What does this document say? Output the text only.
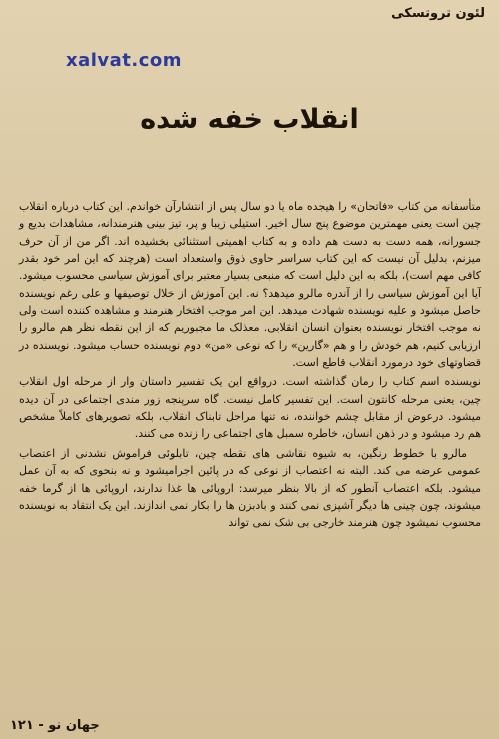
لئون تروتسکی
xalvat.com
انقلاب خفه شده

متأسفانه من کتاب «فاتحان» را هیجده ماه یا دو سال پس از انتشارآن خواندم. این کتاب درباره انقلاب چین است یعنی مهمترین موضوع پنج سال اخیر. استیلی زیبا و پر، تیز بینی هنرمندانه، مشاهدات بدیع و جسورانه، همه دست به دست هم داده و به کتاب اهمیتی استثنائی بخشیده اند. اگر من از آن حرف میزنم، بدلیل آن نیست که این کتاب سراسر حاوی ذوق واستعداد است (هرچند که این امر خود بقدر کافی مهم است)، بلکه به این دلیل است که منبعی بسیار معتبر برای آموزش سیاسی محسوب میشود. آیا این آموزش سیاسی را از آندره مالرو میدهد؟ نه. این آموزش از خلال توصیفها و علی رغم نویسنده حاصل میشود و علیه نویسنده شهادت میدهد. این امر موجب افتخار هنرمند و مشاهده کننده است ولی نه موجب افتخار نویسنده بعنوان انسان انقلابی. معذلک ما مجبوریم که از این نقطه نظر هم مالرو را ارزیابی کنیم، هم خودش را و هم «گارین» را که نوعی «من» دوم نویسنده حساب میشود. نویسنده در قضاوتهای خود درمورد انقلاب قاطع است.

نویسنده اسم کتاب را رمان گذاشته است. درواقع این یک تفسیر داستان وار از مرحله اول انقلاب چین، یعنی مرحله کانتون است. این تفسیر کامل نیست. گاه سرپنجه زور مندی اجتماعی در آن دیده میشود. درعوض از مقابل چشم خواننده، نه تنها مراحل تابناک انقلاب، بلکه تصویرهای کاملاً مشخص هم رد میشود و در ذهن انسان، خاطره سمبل های اجتماعی را زنده می کنند.

مالرو با خطوط رنگین، به شیوه نقاشی های نقطه چین، تابلوئی فراموش نشدنی از اعتصاب عمومی عرضه می کند. البته نه اعتصاب از نوعی که در پائین اجرامیشود و نه بنحوی که به آن عمل میشود. بلکه اعتصاب آنطور که از بالا بنظر میرسد: اروپائی ها غذا ندارند، اروپائی ها از گرما خفه میشوند، چون چینی ها دیگر آشپزی نمی کنند و بادبزن ها را بکار نمی اندازند. این یک انتقاد به نویسنده محسوب نمیشود چون هنرمند خارجی بی شک نمی تواند

جهان نو - ۱۲۱
